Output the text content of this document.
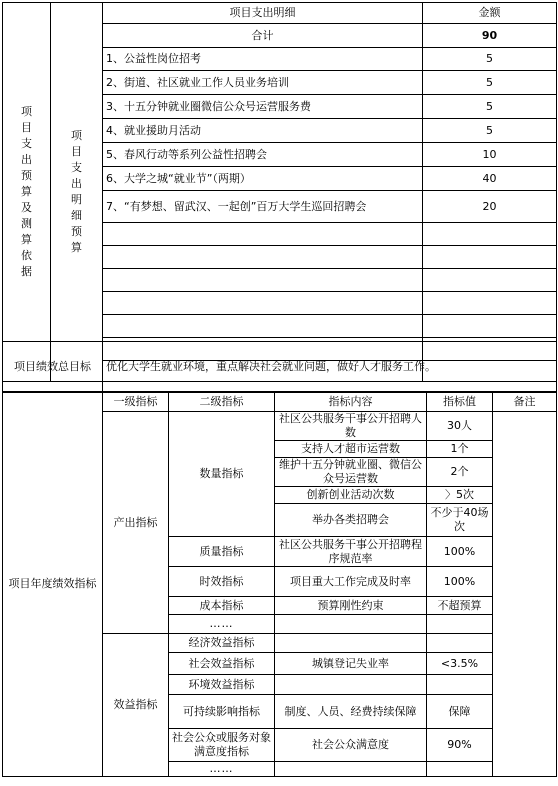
项目支出预算及测算依据	项目支出明细预算	项目支出明细	金额
		合计	90
		1、公益性岗位招考	5
		2、街道、社区就业工作人员业务培训	5
		3、十五分钟就业圈微信公众号运营服务费	5
		4、就业援助月活动	5
		5、春风行动等系列公益性招聘会	10
		6、大学之城“就业节”（两期）	40
		7、“有梦想、留武汉、一起创”百万大学生巡回招聘会	20

项目绩效总目标	优化大学生就业环境，重点解决社会就业问题，做好人才服务工作。
项目年度绩效指标	一级指标	二级指标	指标内容	指标值	备注
	产出指标	数量指标	社区公共服务干事公开招聘人数	30人	
			支持人才超市运营数	1个	
			维护十五分钟就业圈、微信公众号运营数	2个	
			创新创业活动次数	〉5次	
			举办各类招聘会	不少于40场次	
		质量指标	社区公共服务干事公开招聘程序规范率	100%	
		时效指标	项目重大工作完成及时率	100%	
		成本指标	预算刚性约束	不超预算	
		……			

	效益指标	经济效益指标			
		社会效益指标	城镇登记失业率	<3.5%	
		环境效益指标			
		可持续影响指标	制度、人员、经费持续保障	保障	
		社会公众或服务对象满意度指标	社会公众满意度	90%	
		……			
